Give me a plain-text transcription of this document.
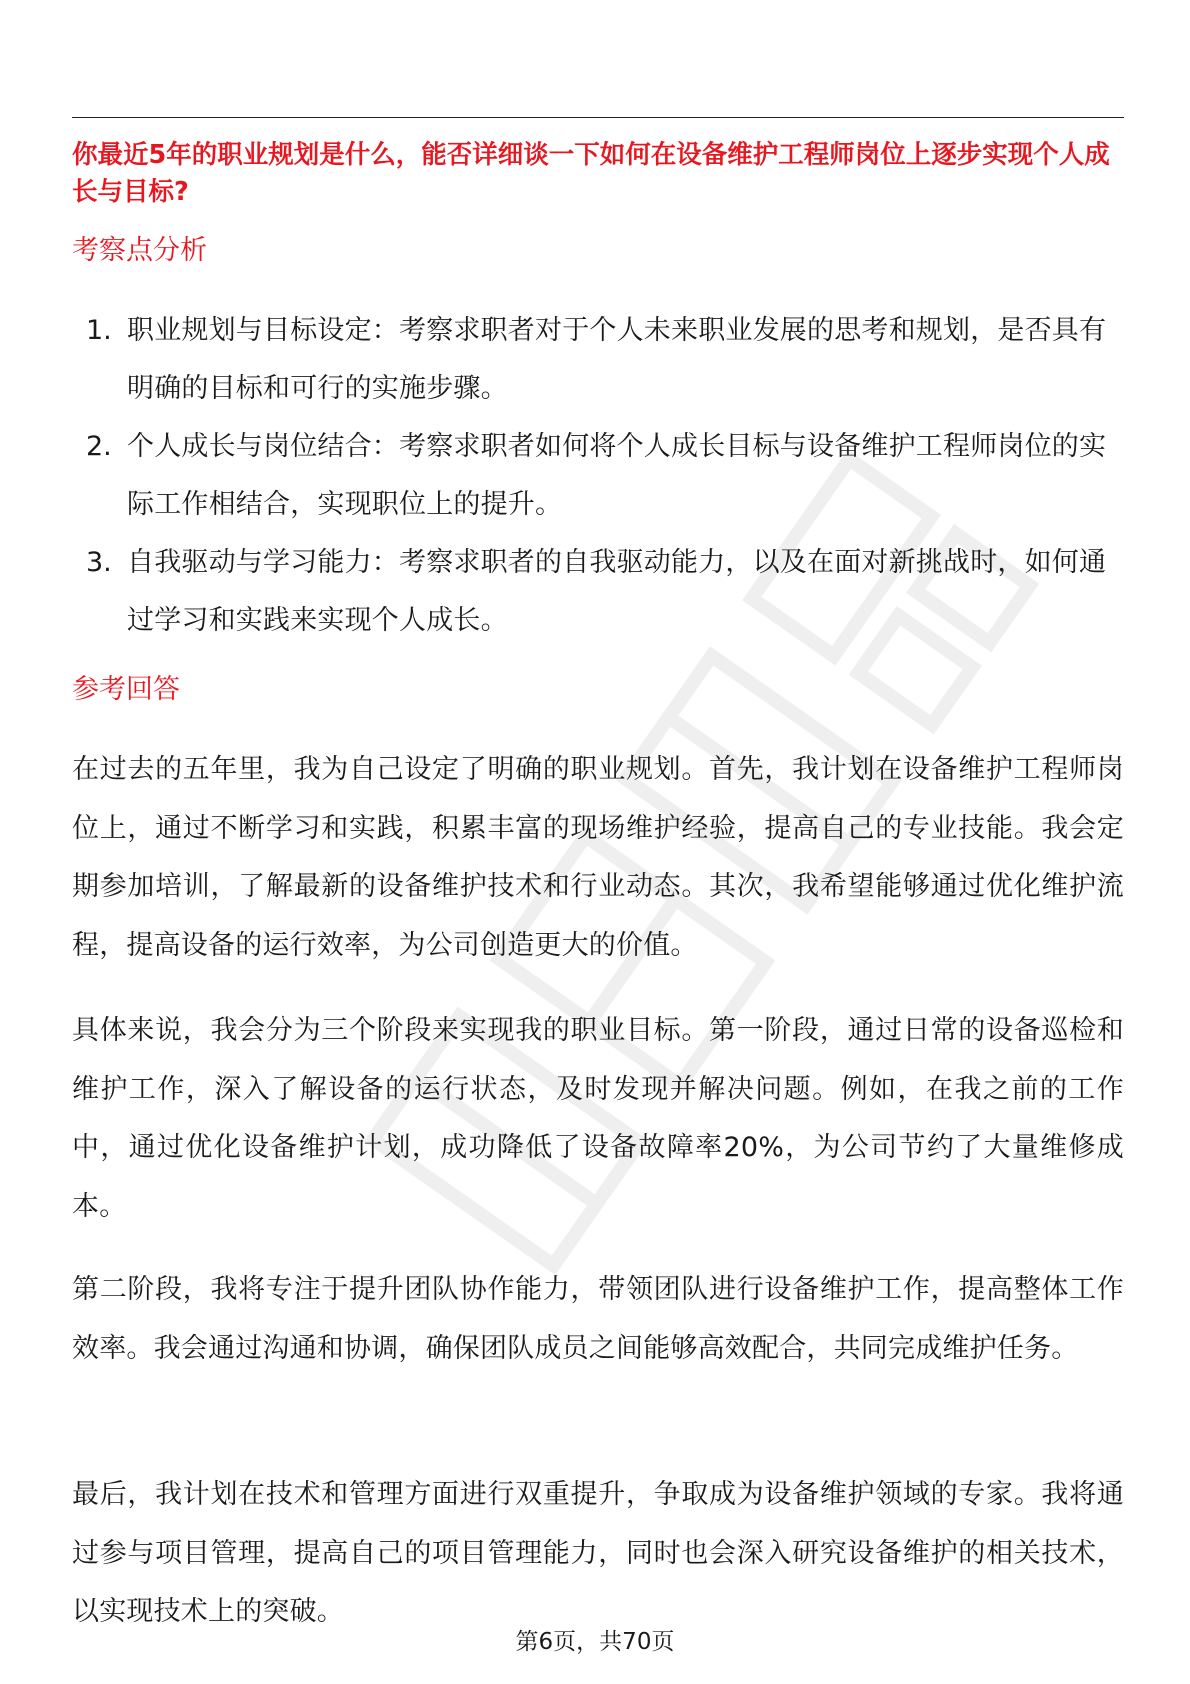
你最近5年的职业规划是什么，能否详细谈一下如何在设备维护工程师岗位上逐步实现个人成长与目标?
考察点分析
1. 职业规划与目标设定：考察求职者对于个人未来职业发展的思考和规划，是否具有明确的目标和可行的实施步骤。
2. 个人成长与岗位结合：考察求职者如何将个人成长目标与设备维护工程师岗位的实际工作相结合，实现职位上的提升。
3. 自我驱动与学习能力：考察求职者的自我驱动能力，以及在面对新挑战时，如何通过学习和实践来实现个人成长。
参考回答

在过去的五年里，我为自己设定了明确的职业规划。首先，我计划在设备维护工程师岗位上，通过不断学习和实践，积累丰富的现场维护经验，提高自己的专业技能。我会定期参加培训，了解最新的设备维护技术和行业动态。其次，我希望能够通过优化维护流程，提高设备的运行效率，为公司创造更大的价值。

具体来说，我会分为三个阶段来实现我的职业目标。第一阶段，通过日常的设备巡检和维护工作，深入了解设备的运行状态，及时发现并解决问题。例如，在我之前的工作中，通过优化设备维护计划，成功降低了设备故障率20%，为公司节约了大量维修成本。

第二阶段，我将专注于提升团队协作能力，带领团队进行设备维护工作，提高整体工作效率。我会通过沟通和协调，确保团队成员之间能够高效配合，共同完成维护任务。

最后，我计划在技术和管理方面进行双重提升，争取成为设备维护领域的专家。我将通过参与项目管理，提高自己的项目管理能力，同时也会深入研究设备维护的相关技术，以实现技术上的突破。

第6页，共70页
